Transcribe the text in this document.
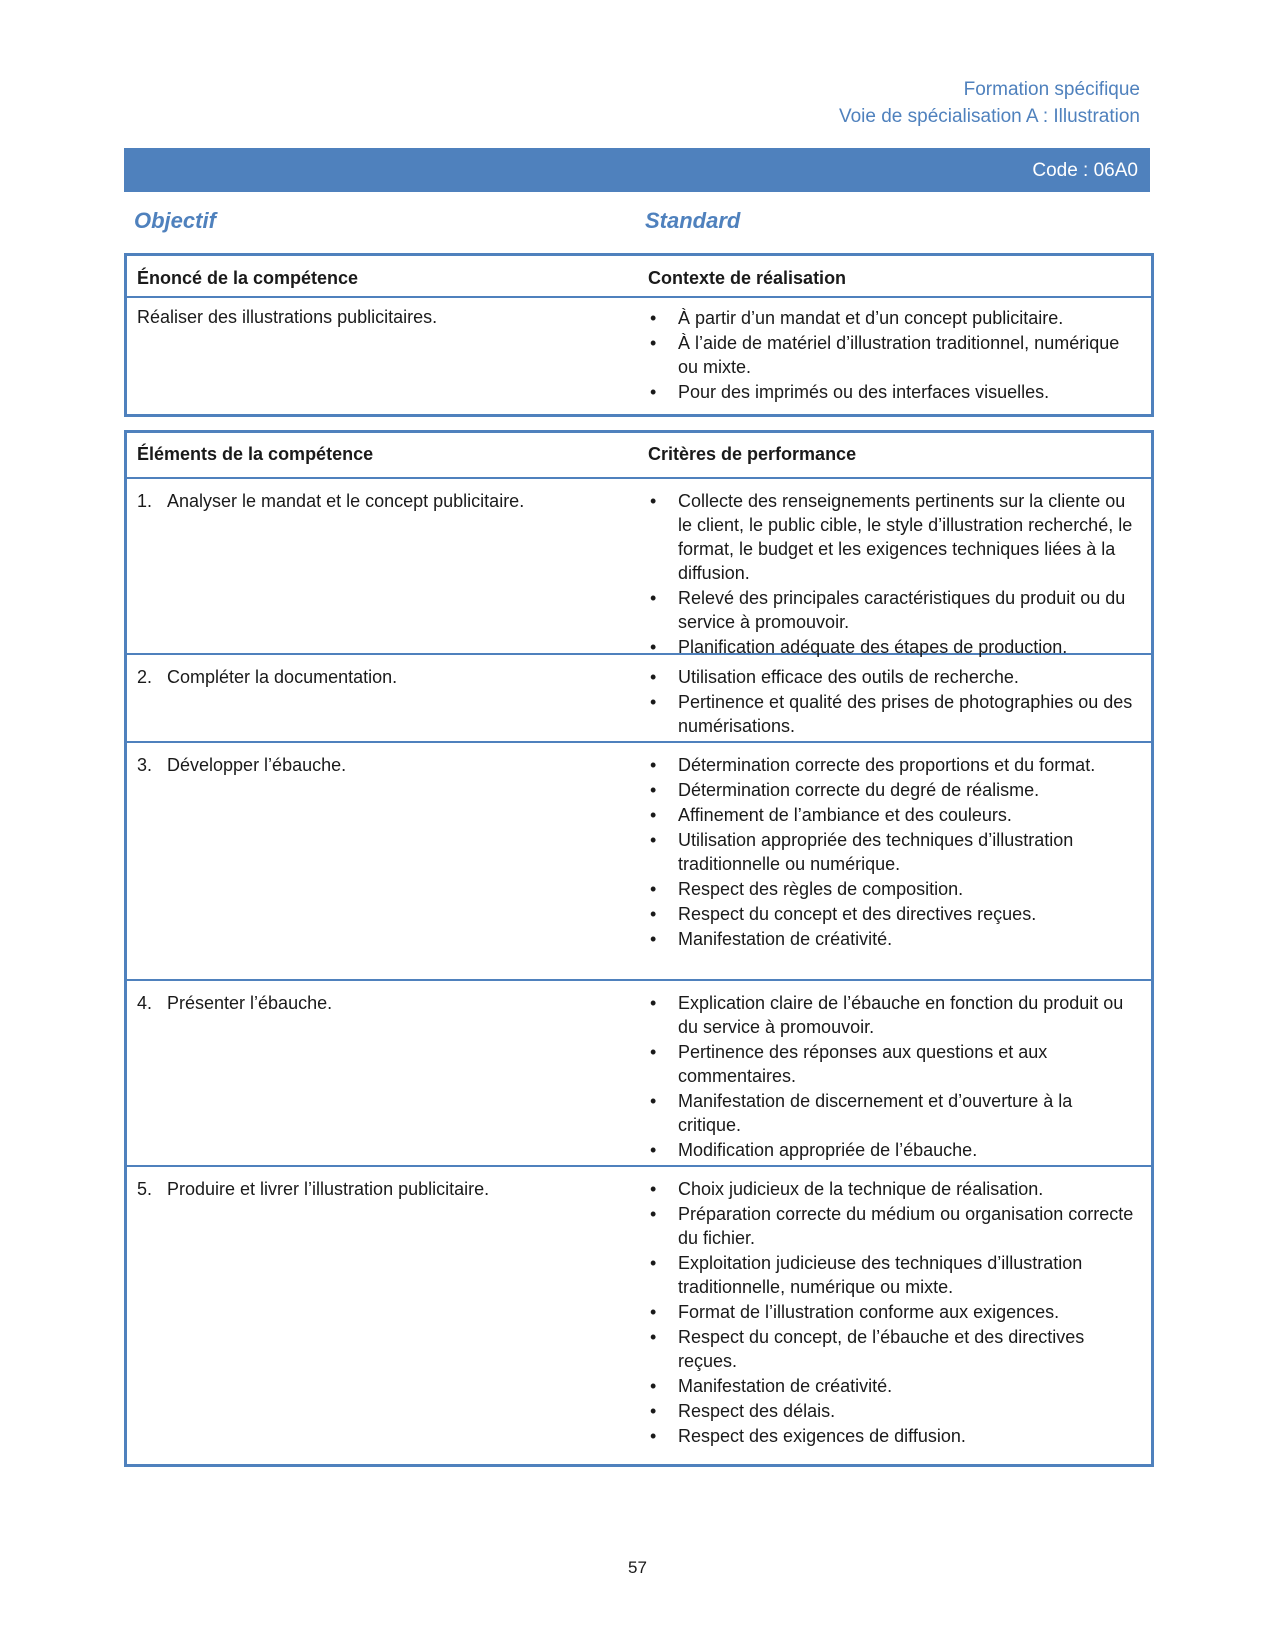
Formation spécifique
Voie de spécialisation A : Illustration
Code : 06A0
Objectif	Standard
Énoncé de la compétence	Contexte de réalisation
Réaliser des illustrations publicitaires.	• À partir d’un mandat et d’un concept publicitaire.
• À l’aide de matériel d’illustration traditionnel, numérique ou mixte.
• Pour des imprimés ou des interfaces visuelles.
Éléments de la compétence	Critères de performance
1. Analyser le mandat et le concept publicitaire.	• Collecte des renseignements pertinents sur la cliente ou le client, le public cible, le style d’illustration recherché, le format, le budget et les exigences techniques liées à la diffusion.
• Relevé des principales caractéristiques du produit ou du service à promouvoir.
• Planification adéquate des étapes de production.
2. Compléter la documentation.	• Utilisation efficace des outils de recherche.
• Pertinence et qualité des prises de photographies ou des numérisations.
3. Développer l’ébauche.	• Détermination correcte des proportions et du format.
• Détermination correcte du degré de réalisme.
• Affinement de l’ambiance et des couleurs.
• Utilisation appropriée des techniques d’illustration traditionnelle ou numérique.
• Respect des règles de composition.
• Respect du concept et des directives reçues.
• Manifestation de créativité.
4. Présenter l’ébauche.	• Explication claire de l’ébauche en fonction du produit ou du service à promouvoir.
• Pertinence des réponses aux questions et aux commentaires.
• Manifestation de discernement et d’ouverture à la critique.
• Modification appropriée de l’ébauche.
5. Produire et livrer l’illustration publicitaire.	• Choix judicieux de la technique de réalisation.
• Préparation correcte du médium ou organisation correcte du fichier.
• Exploitation judicieuse des techniques d’illustration traditionnelle, numérique ou mixte.
• Format de l’illustration conforme aux exigences.
• Respect du concept, de l’ébauche et des directives reçues.
• Manifestation de créativité.
• Respect des délais.
• Respect des exigences de diffusion.
57
